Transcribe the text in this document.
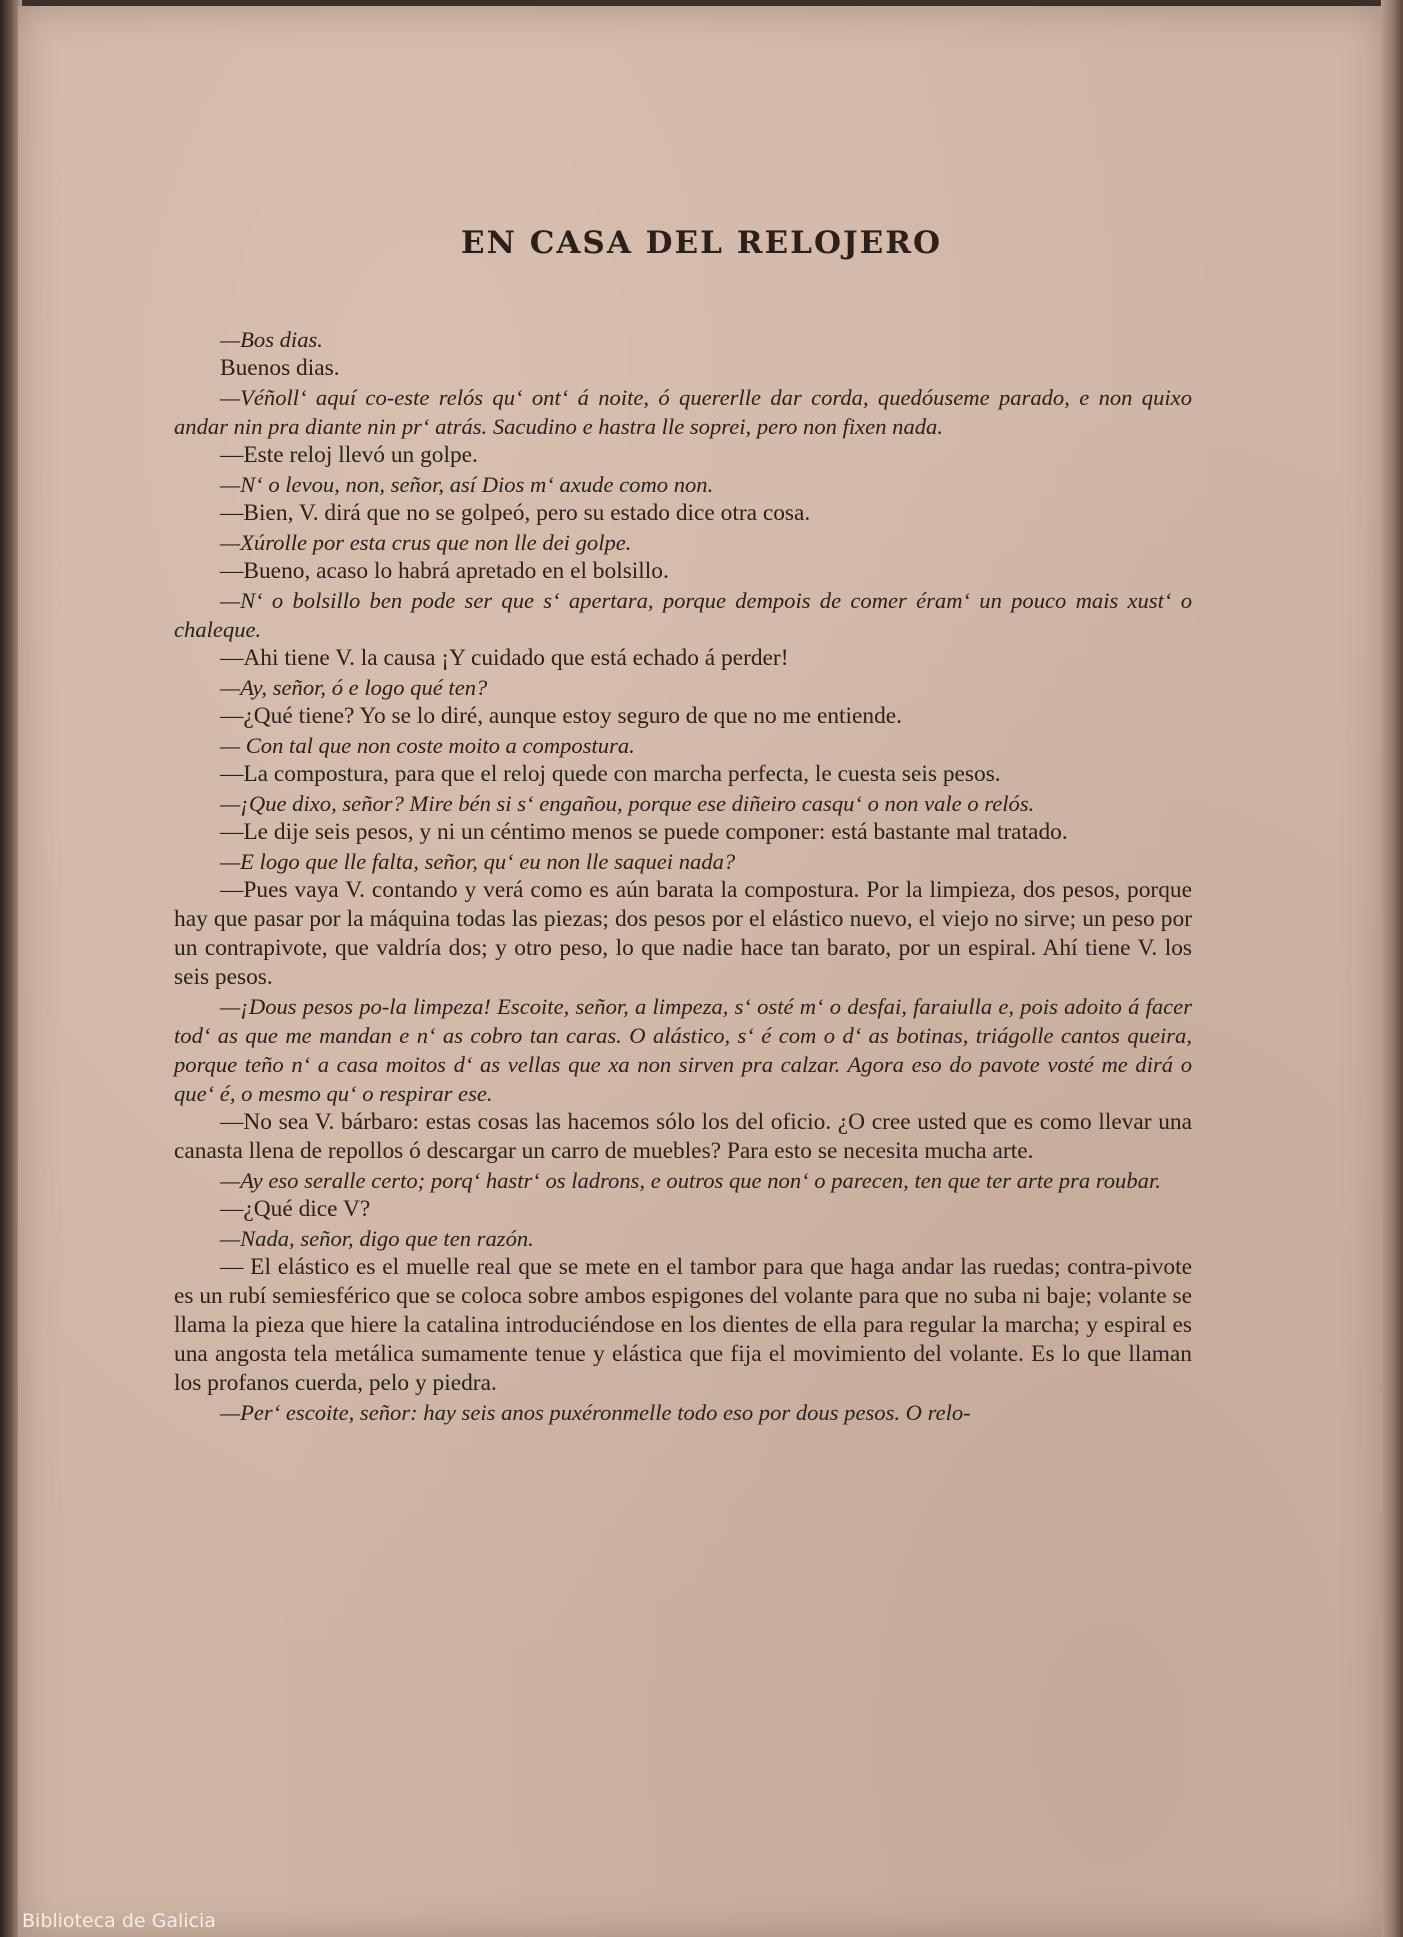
EN CASA DEL RELOJERO

—Bos dias.

Buenos dias.

—Véñoll‘ aquí co-este relós qu‘ ont‘ á noite, ó quererlle dar corda, quedóuseme parado, e non quixo andar nin pra diante nin pr‘ atrás. Sacudino e hastra lle soprei, pero non fixen nada.

—Este reloj llevó un golpe.

—N‘ o levou, non, señor, así Dios m‘ axude como non.

—Bien, V. dirá que no se golpeó, pero su estado dice otra cosa.

—Xúrolle por esta crus que non lle dei golpe.

—Bueno, acaso lo habrá apretado en el bolsillo.

—N‘ o bolsillo ben pode ser que s‘ apertara, porque dempois de comer éram‘ un pouco mais xust‘ o chaleque.

—Ahi tiene V. la causa ¡Y cuidado que está echado á perder!

—Ay, señor, ó e logo qué ten?

—¿Qué tiene? Yo se lo diré, aunque estoy seguro de que no me entiende.

— Con tal que non coste moito a compostura.

—La compostura, para que el reloj quede con marcha perfecta, le cuesta seis pesos.

—¡Que dixo, señor? Mire bén si s‘ engañou, porque ese diñeiro casqu‘ o non vale o relós.

—Le dije seis pesos, y ni un céntimo menos se puede componer: está bastante mal tratado.

—E logo que lle falta, señor, qu‘ eu non lle saquei nada?

—Pues vaya V. contando y verá como es aún barata la compostura. Por la limpieza, dos pesos, porque hay que pasar por la máquina todas las piezas; dos pesos por el elástico nuevo, el viejo no sirve; un peso por un contrapivote, que valdría dos; y otro peso, lo que nadie hace tan barato, por un espiral. Ahí tiene V. los seis pesos.

—¡Dous pesos po-la limpeza! Escoite, señor, a limpeza, s‘ osté m‘ o desfai, faraiulla e, pois adoito á facer tod‘ as que me mandan e n‘ as cobro tan caras. O alástico, s‘ é com o d‘ as botinas, triágolle cantos queira, porque teño n‘ a casa moitos d‘ as vellas que xa non sirven pra calzar. Agora eso do pavote vosté me dirá o que‘ é, o mesmo qu‘ o respirar ese.

—No sea V. bárbaro: estas cosas las hacemos sólo los del oficio. ¿O cree usted que es como llevar una canasta llena de repollos ó descargar un carro de muebles? Para esto se necesita mucha arte.

—Ay eso seralle certo; porq‘ hastr‘ os ladrons, e outros que non‘ o parecen, ten que ter arte pra roubar.

—¿Qué dice V?

—Nada, señor, digo que ten razón.

— El elástico es el muelle real que se mete en el tambor para que haga andar las ruedas; contra-pivote es un rubí semiesférico que se coloca sobre ambos espigones del volante para que no suba ni baje; volante se llama la pieza que hiere la catalina introduciéndose en los dientes de ella para regular la marcha; y espiral es una angosta tela metálica sumamente tenue y elástica que fija el movimiento del volante. Es lo que llaman los profanos cuerda, pelo y piedra.

—Per‘ escoite, señor: hay seis anos puxéronmelle todo eso por dous pesos. O relo-

Biblioteca de Galicia
